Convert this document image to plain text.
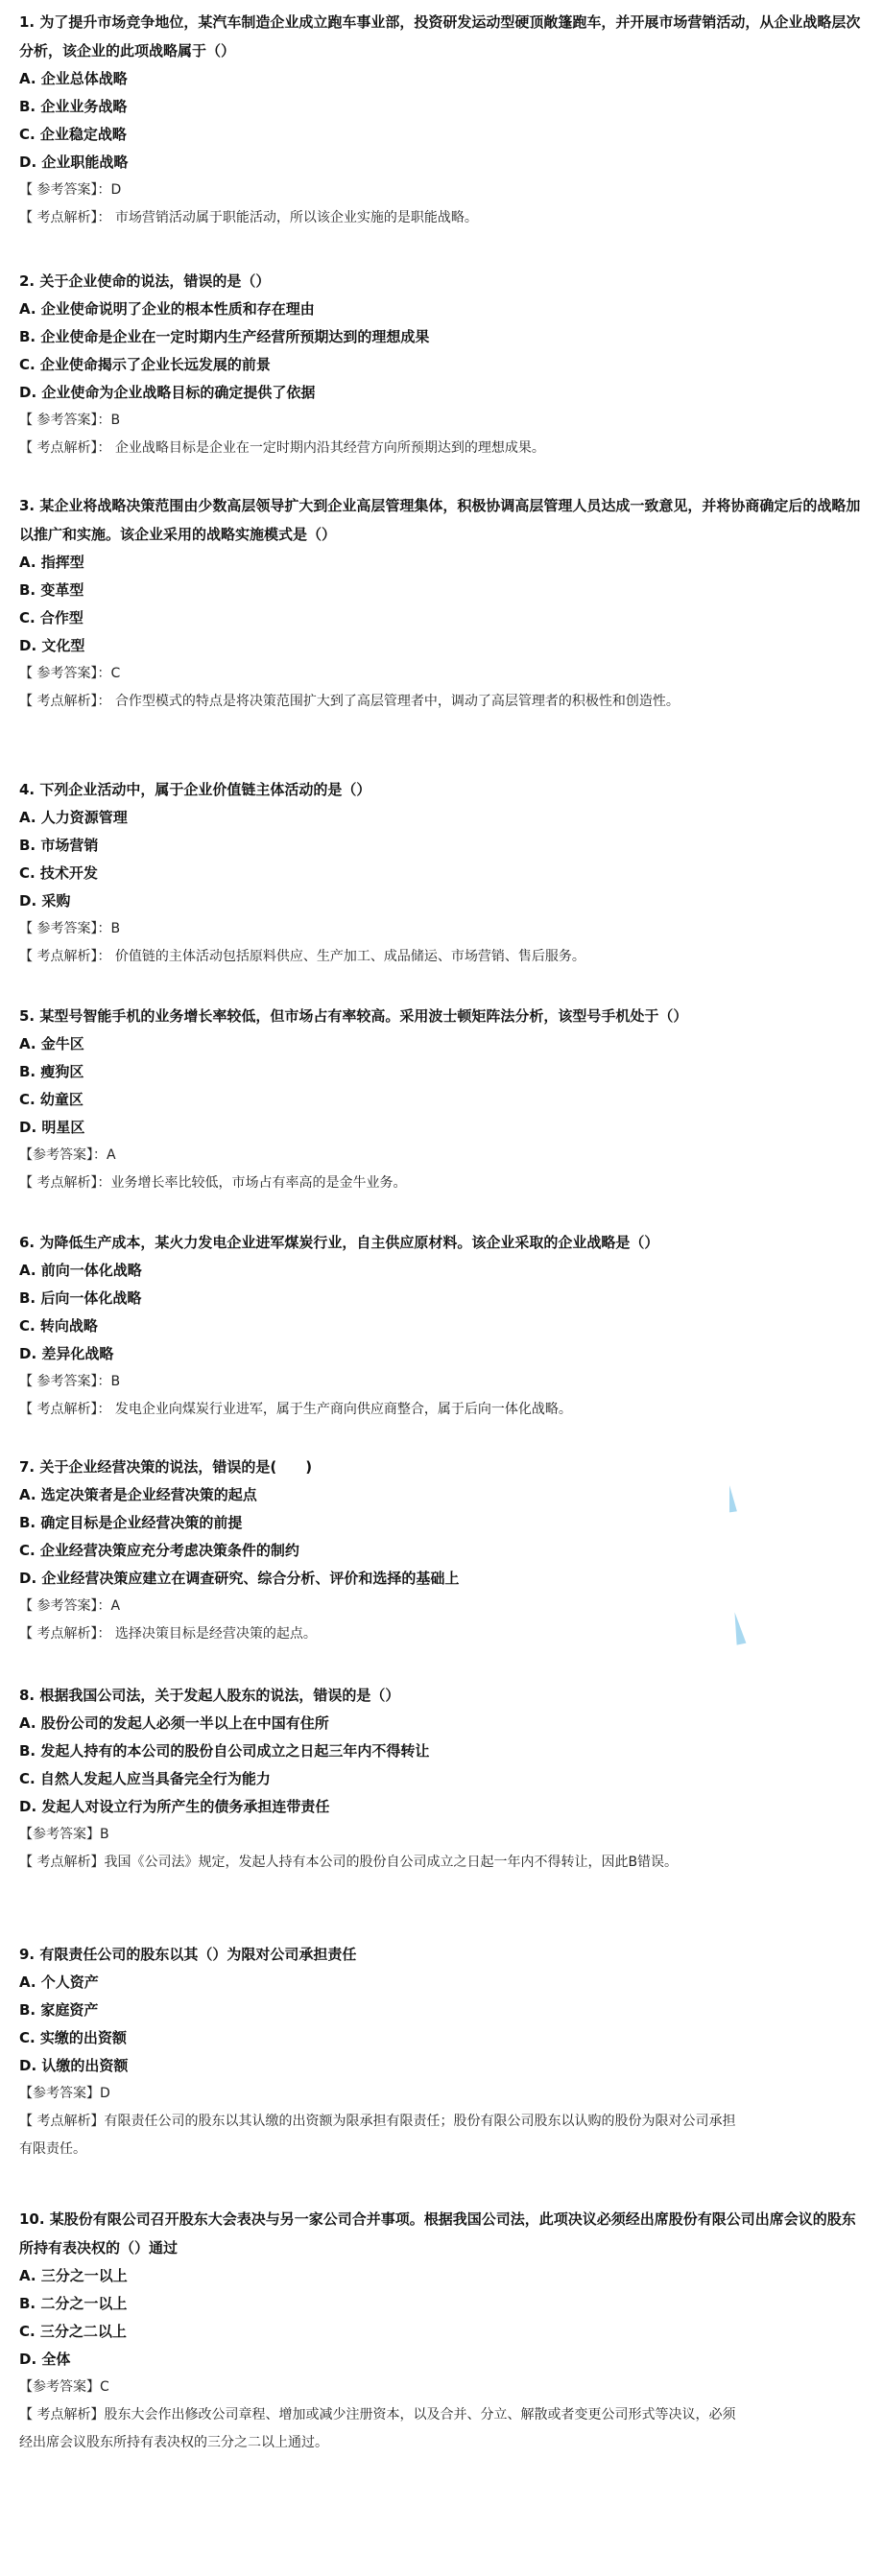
1. 为了提升市场竞争地位，某汽车制造企业成立跑车事业部，投资研发运动型硬顶敞篷跑车，并开展市场营销活动，从企业战略层次分析，该企业的此项战略属于（）

A. 企业总体战略

B. 企业业务战略

C. 企业稳定战略

D. 企业职能战略

【 参考答案】：D

【 考点解析】： 市场营销活动属于职能活动，所以该企业实施的是职能战略。

2. 关于企业使命的说法，错误的是（）

A. 企业使命说明了企业的根本性质和存在理由

B. 企业使命是企业在一定时期内生产经营所预期达到的理想成果

C. 企业使命揭示了企业长远发展的前景

D. 企业使命为企业战略目标的确定提供了依据

【 参考答案】：B

【 考点解析】： 企业战略目标是企业在一定时期内沿其经营方向所预期达到的理想成果。

3. 某企业将战略决策范围由少数高层领导扩大到企业高层管理集体，积极协调高层管理人员达成一致意见，并将协商确定后的战略加以推广和实施。该企业采用的战略实施模式是（）

A. 指挥型

B. 变革型

C. 合作型

D. 文化型

【 参考答案】：C

【 考点解析】： 合作型模式的特点是将决策范围扩大到了高层管理者中，调动了高层管理者的积极性和创造性。

4. 下列企业活动中，属于企业价值链主体活动的是（）

A. 人力资源管理

B. 市场营销

C. 技术开发

D. 采购

【 参考答案】：B

【 考点解析】： 价值链的主体活动包括原料供应、生产加工、成品储运、市场营销、售后服务。

5. 某型号智能手机的业务增长率较低，但市场占有率较高。采用波士顿矩阵法分析，该型号手机处于（）

A. 金牛区

B. 瘦狗区

C. 幼童区

D. 明星区

【参考答案】：A

【 考点解析】：业务增长率比较低，市场占有率高的是金牛业务。

6. 为降低生产成本，某火力发电企业进军煤炭行业，自主供应原材料。该企业采取的企业战略是（）

A. 前向一体化战略

B. 后向一体化战略

C. 转向战略

D. 差异化战略

【 参考答案】：B

【 考点解析】： 发电企业向煤炭行业进军，属于生产商向供应商整合，属于后向一体化战略。

7. 关于企业经营决策的说法，错误的是(　　)

A. 选定决策者是企业经营决策的起点

B. 确定目标是企业经营决策的前提

C. 企业经营决策应充分考虑决策条件的制约

D. 企业经营决策应建立在调查研究、综合分析、评价和选择的基础上

【 参考答案】：A

【 考点解析】： 选择决策目标是经营决策的起点。

8. 根据我国公司法，关于发起人股东的说法，错误的是（）

A. 股份公司的发起人必须一半以上在中国有住所

B. 发起人持有的本公司的股份自公司成立之日起三年内不得转让

C. 自然人发起人应当具备完全行为能力

D. 发起人对设立行为所产生的债务承担连带责任

【参考答案】B

【 考点解析】我国《公司法》规定，发起人持有本公司的股份自公司成立之日起一年内不得转让，因此B错误。

9. 有限责任公司的股东以其（）为限对公司承担责任

A. 个人资产

B. 家庭资产

C. 实缴的出资额

D. 认缴的出资额

【参考答案】D

【 考点解析】有限责任公司的股东以其认缴的出资额为限承担有限责任；股份有限公司股东以认购的股份为限对公司承担有限责任。

10. 某股份有限公司召开股东大会表决与另一家公司合并事项。根据我国公司法，此项决议必须经出席股份有限公司出席会议的股东所持有表决权的（）通过

A. 三分之一以上

B. 二分之一以上

C. 三分之二以上

D. 全体

【参考答案】C

【 考点解析】股东大会作出修改公司章程、增加或减少注册资本，以及合并、分立、解散或者变更公司形式等决议，必须经出席会议股东所持有表决权的三分之二以上通过。
